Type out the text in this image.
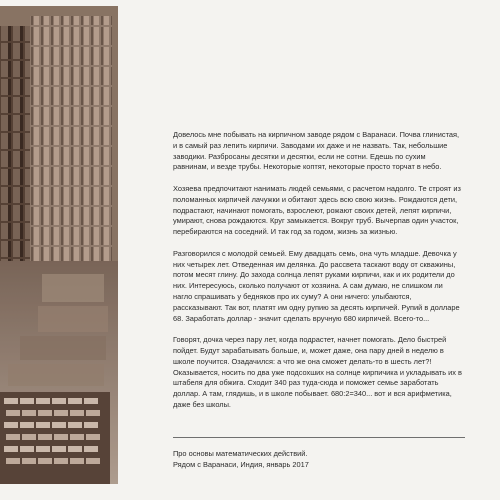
Довелось мне побывать на кирпичном заводе рядом с Варанаси. Почва глинистая, и в самый раз лепить кирпичи. Заводами их даже и не назвать. Так, небольшие заводики. Разбросаны десятки и десятки, если не сотни. Едешь по сухим равнинам, и везде трубы. Некоторые коптят, некоторые просто торчат в небо.

Хозяева предпочитают нанимать людей семьями, с расчетом надолго. Те строят из поломанных кирпичей лачужки и обитают здесь всю свою жизнь. Рождаются дети, подрастают, начинают помогать, взрослеют, рожают своих детей, лепят кирпичи, умирают, снова рождаются. Круг замыкается. Вокруг труб. Вычерпав один участок, перебираются на соседний. И так год за годом, жизнь за жизнью.

Разговорился с молодой семьей. Ему двадцать семь, она чуть младше. Девочка у них четырех лет. Отведенная им делянка. До рассвета таскают воду от скважины, потом месят глину. До захода солнца лепят руками кирпичи, как и их родители до них. Интересуюсь, сколько получают от хозяина. А сам думаю, не слишком ли нагло спрашивать у бедняков про их суму? А они ничего: улыбаются, рассказывают. Так вот, платят им одну рупию за десять кирпичей. Рупий в долларе 68. Заработать доллар - значит сделать вручную 680 кирпичей. Всего-то...

Говорят, дочка через пару лет, когда подрастет, начнет помогать. Дело быстрей пойдет. Будут зарабатывать больше, и, может даже, она пару дней в неделю в школе поучится. Озадачился: а что же она сможет делать-то в шесть лет?! Оказывается, носить по два уже подсохших на солнце кирпичика и укладывать их в штабеля для обжига. Сходит 340 раз туда-сюда и поможет семье заработать доллар. А там, глядишь, и в школе побывает. 680:2=340... вот и вся арифметика, даже без школы.

Про основы математических действий.
Рядом с Варанаси, Индия, январь 2017
